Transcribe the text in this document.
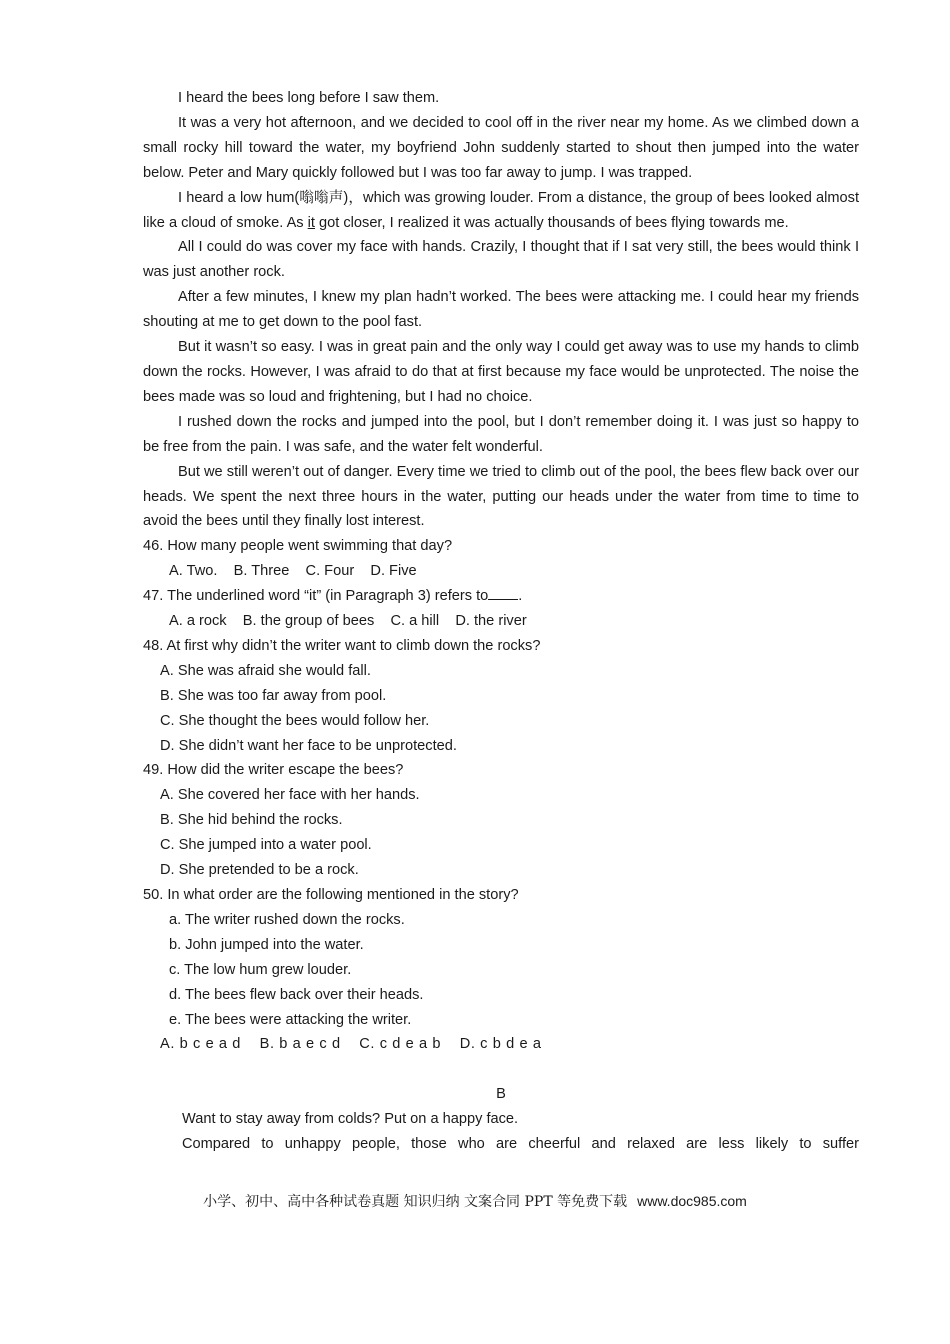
I heard the bees long before I saw them.

It was a very hot afternoon, and we decided to cool off in the river near my home. As we climbed down a small rocky hill toward the water, my boyfriend John suddenly started to shout then jumped into the water below. Peter and Mary quickly followed but I was too far away to jump. I was trapped.

I heard a low hum(嗡嗡声)，which was growing louder. From a distance, the group of bees looked almost like a cloud of smoke. As it got closer, I realized it was actually thousands of bees flying towards me.

All I could do was cover my face with hands. Crazily, I thought that if I sat very still, the bees would think I was just another rock.

After a few minutes, I knew my plan hadn’t worked. The bees were attacking me. I could hear my friends shouting at me to get down to the pool fast.

But it wasn’t so easy. I was in great pain and the only way I could get away was to use my hands to climb down the rocks. However, I was afraid to do that at first because my face would be unprotected. The noise the bees made was so loud and frightening, but I had no choice.

I rushed down the rocks and jumped into the pool, but I don’t remember doing it. I was just so happy to be free from the pain. I was safe, and the water felt wonderful.

But we still weren’t out of danger. Every time we tried to climb out of the pool, the bees flew back over our heads. We spent the next three hours in the water, putting our heads under the water from time to time to avoid the bees until they finally lost interest.

46. How many people went swimming that day?

A. Two.    B. Three    C. Four    D. Five

47. The underlined word “it” (in Paragraph 3) refers to .

A. a rock    B. the group of bees    C. a hill    D. the river

48. At first why didn’t the writer want to climb down the rocks?

A. She was afraid she would fall.

B. She was too far away from pool.

C. She thought the bees would follow her.

D. She didn’t want her face to be unprotected.

49. How did the writer escape the bees?

A. She covered her face with her hands.

B. She hid behind the rocks.

C. She jumped into a water pool.

D. She pretended to be a rock.

50. In what order are the following mentioned in the story?

a. The writer rushed down the rocks.

b. John jumped into the water.

c. The low hum grew louder.

d. The bees flew back over their heads.

e. The bees were attacking the writer.

A. b c e a d    B. b a e c d    C. c d e a b    D. c b d e a

B

Want to stay away from colds? Put on a happy face.

Compared to unhappy people, those who are cheerful and relaxed are less likely to suffer

小学、初中、高中各种试卷真题 知识归纳 文案合同 PPT 等免费下载 www.doc985.com
